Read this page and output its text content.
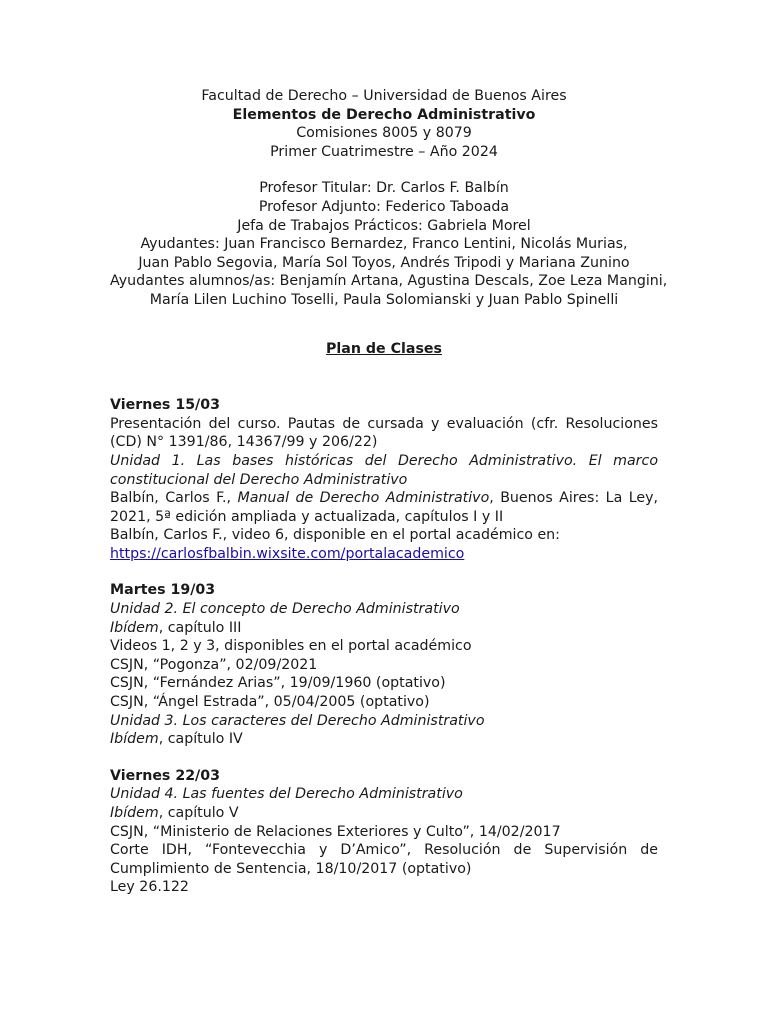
Facultad de Derecho – Universidad de Buenos Aires
Elementos de Derecho Administrativo
Comisiones 8005 y 8079
Primer Cuatrimestre – Año 2024
Profesor Titular: Dr. Carlos F. Balbín
Profesor Adjunto: Federico Taboada
Jefa de Trabajos Prácticos: Gabriela Morel
Ayudantes: Juan Francisco Bernardez, Franco Lentini, Nicolás Murias,
Juan Pablo Segovia, María Sol Toyos, Andrés Tripodi y Mariana Zunino
Ayudantes alumnos/as: Benjamín Artana, Agustina Descals, Zoe Leza Mangini,
María Lilen Luchino Toselli, Paula Solomianski y Juan Pablo Spinelli
Plan de Clases
Viernes 15/03
Presentación del curso. Pautas de cursada y evaluación (cfr. Resoluciones (CD) N° 1391/86, 14367/99 y 206/22)
Unidad 1. Las bases históricas del Derecho Administrativo. El marco constitucional del Derecho Administrativo
Balbín, Carlos F., Manual de Derecho Administrativo, Buenos Aires: La Ley, 2021, 5ª edición ampliada y actualizada, capítulos I y II
Balbín, Carlos F., video 6, disponible en el portal académico en:
https://carlosfbalbin.wixsite.com/portalacademico
Martes 19/03
Unidad 2. El concepto de Derecho Administrativo
Ibídem, capítulo III
Videos 1, 2 y 3, disponibles en el portal académico
CSJN, “Pogonza”, 02/09/2021
CSJN, “Fernández Arias”, 19/09/1960 (optativo)
CSJN, “Ángel Estrada”, 05/04/2005 (optativo)
Unidad 3. Los caracteres del Derecho Administrativo
Ibídem, capítulo IV
Viernes 22/03
Unidad 4. Las fuentes del Derecho Administrativo
Ibídem, capítulo V
CSJN, “Ministerio de Relaciones Exteriores y Culto”, 14/02/2017
Corte IDH, “Fontevecchia y D’Amico”, Resolución de Supervisión de Cumplimiento de Sentencia, 18/10/2017 (optativo)
Ley 26.122
